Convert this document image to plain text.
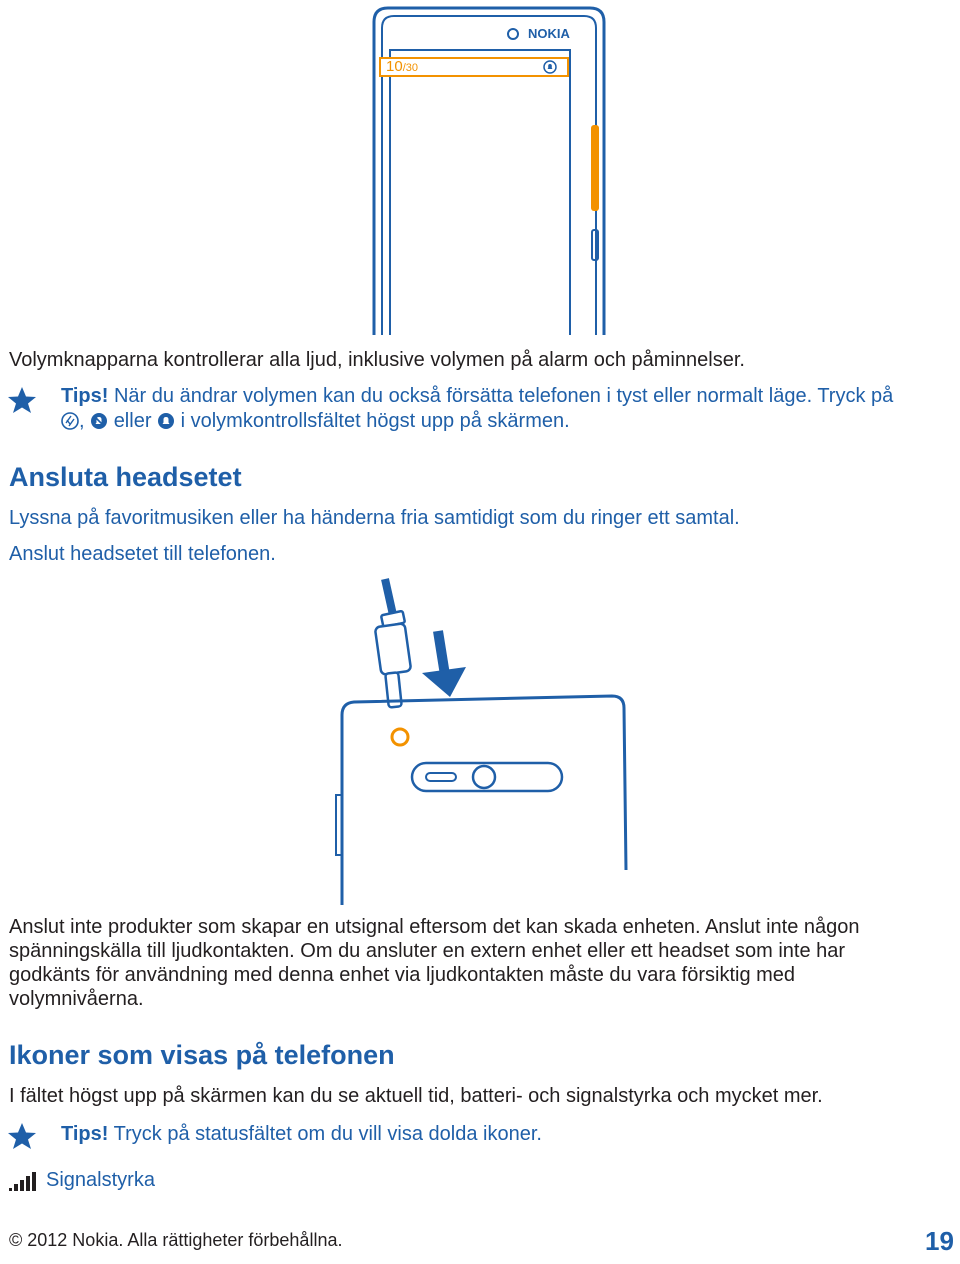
NOKIA
10/30
Volymknapparna kontrollerar alla ljud, inklusive volymen på alarm och påminnelser.
Tips! När du ändrar volymen kan du också försätta telefonen i tyst eller normalt läge. Tryck på
, eller i volymkontrollsfältet högst upp på skärmen.
Ansluta headsetet
Lyssna på favoritmusiken eller ha händerna fria samtidigt som du ringer ett samtal.
Anslut headsetet till telefonen.
Anslut inte produkter som skapar en utsignal eftersom det kan skada enheten. Anslut inte någon
spänningskälla till ljudkontakten. Om du ansluter en extern enhet eller ett headset som inte har
godkänts för användning med denna enhet via ljudkontakten måste du vara försiktig med
volymnivåerna.
Ikoner som visas på telefonen
I fältet högst upp på skärmen kan du se aktuell tid, batteri- och signalstyrka och mycket mer.
Tips! Tryck på statusfältet om du vill visa dolda ikoner.
Signalstyrka
© 2012 Nokia. Alla rättigheter förbehållna.	19
